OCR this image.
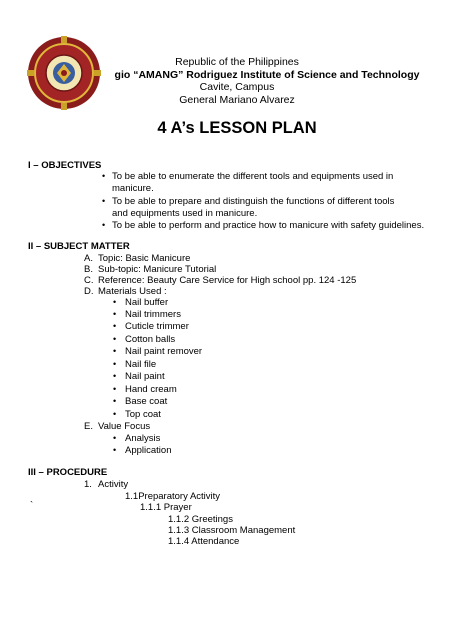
Republic of the Philippines
gio “AMANG” Rodriguez Institute of Science and Technology
Cavite, Campus
General Mariano Alvarez
4 A’s LESSON PLAN
I – OBJECTIVES
• To be able to enumerate the different tools and equipments used in manicure.
• To be able to prepare and distinguish the functions of different tools and equipments used in manicure.
• To be able to perform and practice how to manicure with safety guidelines.
II – SUBJECT MATTER
A. Topic: Basic Manicure
B. Sub-topic: Manicure Tutorial
C. Reference: Beauty Care Service for High school pp. 124 -125
D. Materials Used :
• Nail buffer
• Nail trimmers
• Cuticle trimmer
• Cotton balls
• Nail paint remover
• Nail file
• Nail paint
• Hand cream
• Base coat
• Top coat
E. Value Focus
• Analysis
• Application
III – PROCEDURE
1. Activity
1.1Preparatory Activity
`	1.1.1 Prayer
1.1.2 Greetings
1.1.3 Classroom Management
1.1.4 Attendance
